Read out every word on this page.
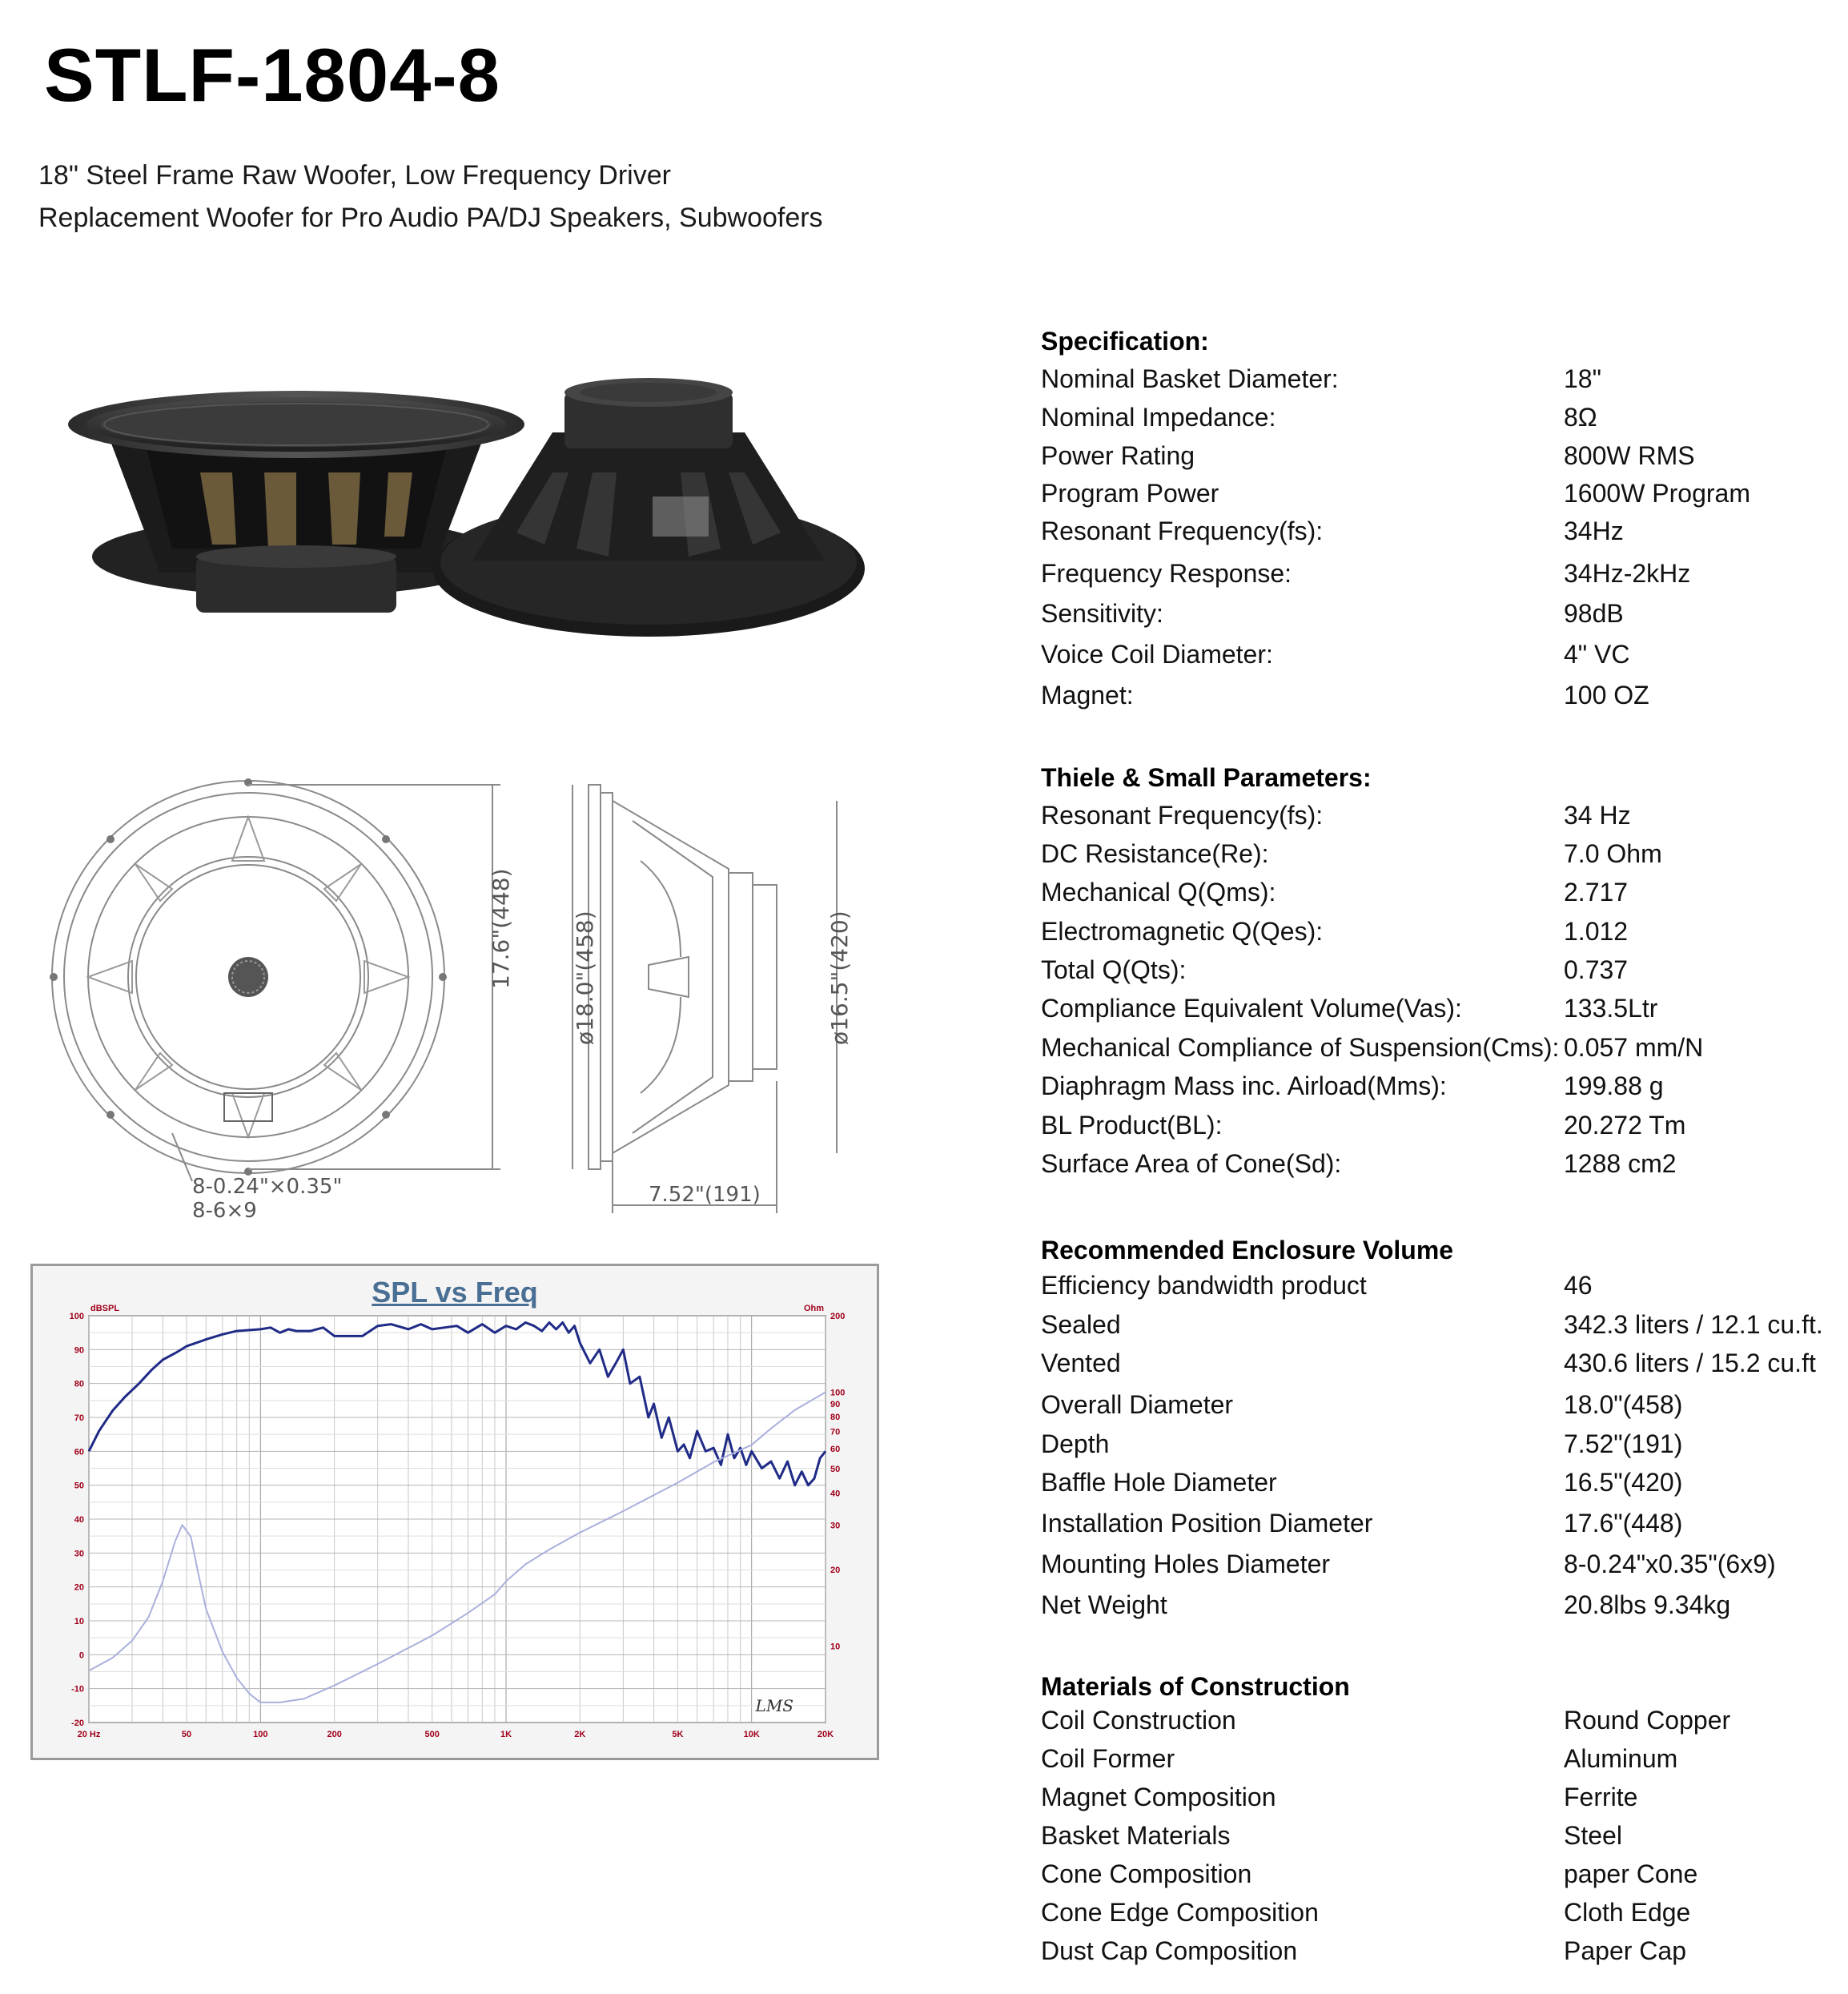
STLF-1804-8
18" Steel Frame Raw Woofer, Low Frequency Driver
Replacement Woofer for Pro Audio PA/DJ Speakers, Subwoofers
17.6"(448)
8-0.24"×0.35"
8-6×9
ø18.0"(458)	ø16.5"(420)
7.52"(191)
SPL vs Freq
20 Hz	50	100	200	500	1K	2K	5K	10K	20K
100
90
80
70
60
50
40
30
20
10
0
-10
-20
200
100
90
80
70
60
50
40
30
20
10
dBSPL	Ohm
LMS
Specification:
Nominal Basket Diameter:	18"
Nominal Impedance:	8Ω
Power Rating	800W RMS
Program Power	1600W Program
Resonant Frequency(fs):	34Hz
Frequency Response:	34Hz-2kHz
Sensitivity:	98dB
Voice Coil Diameter:	4" VC
Magnet:	100 OZ
Thiele & Small Parameters:
Resonant Frequency(fs):	34 Hz
DC Resistance(Re):	7.0 Ohm
Mechanical Q(Qms):	2.717
Electromagnetic Q(Qes):	1.012
Total Q(Qts):	0.737
Compliance Equivalent Volume(Vas):	133.5Ltr
Mechanical Compliance of Suspension(Cms): 0.057 mm/N
Diaphragm Mass inc. Airload(Mms):	199.88 g
BL Product(BL):	20.272 Tm
Surface Area of Cone(Sd):	1288 cm2
Recommended Enclosure Volume
Efficiency bandwidth product	46
Sealed	342.3 liters / 12.1 cu.ft.
Vented	430.6 liters / 15.2 cu.ft
Overall Diameter	18.0"(458)
Depth	7.52"(191)
Baffle Hole Diameter	16.5"(420)
Installation Position Diameter	17.6"(448)
Mounting Holes Diameter	8-0.24"x0.35"(6x9)
Net Weight	20.8lbs 9.34kg
Materials of Construction
Coil Construction	Round Copper
Coil Former	Aluminum
Magnet Composition	Ferrite
Basket Materials	Steel
Cone Composition	paper Cone
Cone Edge Composition	Cloth Edge
Dust Cap Composition	Paper Cap
